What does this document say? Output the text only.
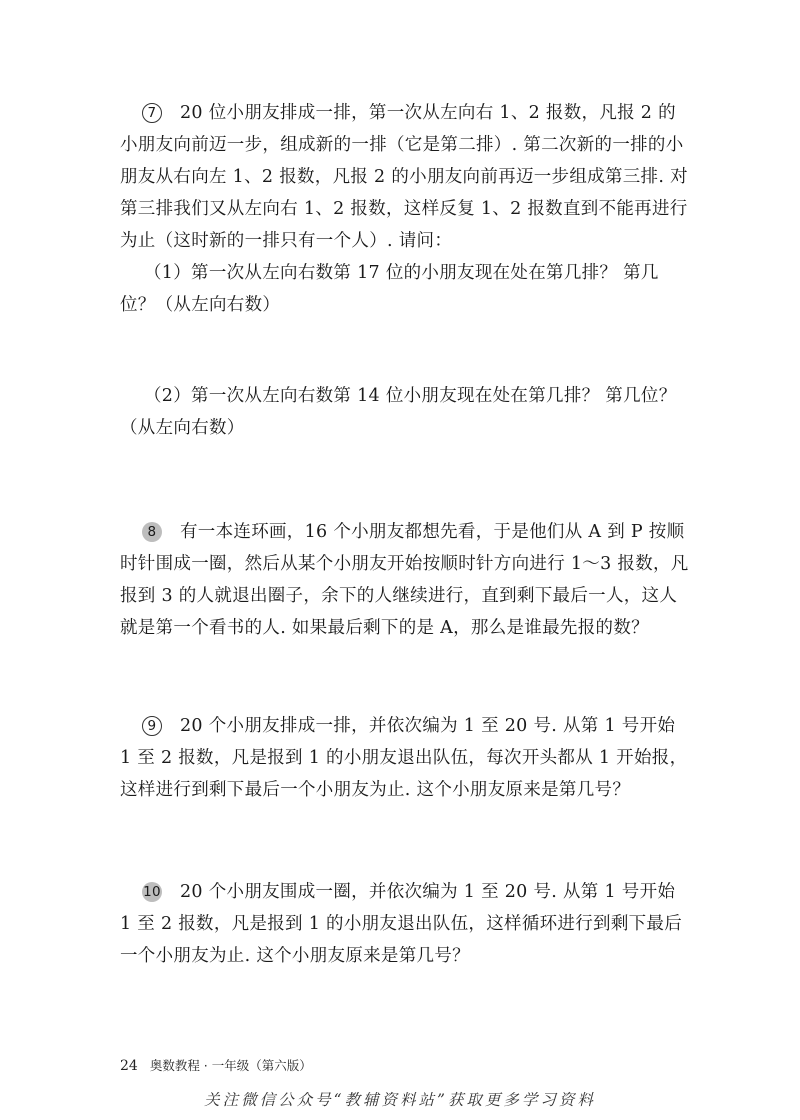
7 20 位小朋友排成一排，第一次从左向右 1、2 报数，凡报 2 的小朋友向前迈一步，组成新的一排（它是第二排）. 第二次新的一排的小朋友从右向左 1、2 报数，凡报 2 的小朋友向前再迈一步组成第三排. 对第三排我们又从左向右 1、2 报数，这样反复 1、2 报数直到不能再进行为止（这时新的一排只有一个人）. 请问：
（1）第一次从左向右数第 17 位的小朋友现在处在第几排？ 第几位？（从左向右数）
（2）第一次从左向右数第 14 位小朋友现在处在第几排？ 第几位？（从左向右数）
8 有一本连环画，16 个小朋友都想先看，于是他们从 A 到 P 按顺时针围成一圈，然后从某个小朋友开始按顺时针方向进行 1～3 报数，凡报到 3 的人就退出圈子，余下的人继续进行，直到剩下最后一人，这人就是第一个看书的人. 如果最后剩下的是 A，那么是谁最先报的数？
9 20 个小朋友排成一排，并依次编为 1 至 20 号. 从第 1 号开始 1 至 2 报数，凡是报到 1 的小朋友退出队伍，每次开头都从 1 开始报，这样进行到剩下最后一个小朋友为止. 这个小朋友原来是第几号？
10 20 个小朋友围成一圈，并依次编为 1 至 20 号. 从第 1 号开始 1 至 2 报数，凡是报到 1 的小朋友退出队伍，这样循环进行到剩下最后一个小朋友为止. 这个小朋友原来是第几号？
24 奥数教程 · 一年级（第六版）
关注微信公众号“教辅资料站”获取更多学习资料
